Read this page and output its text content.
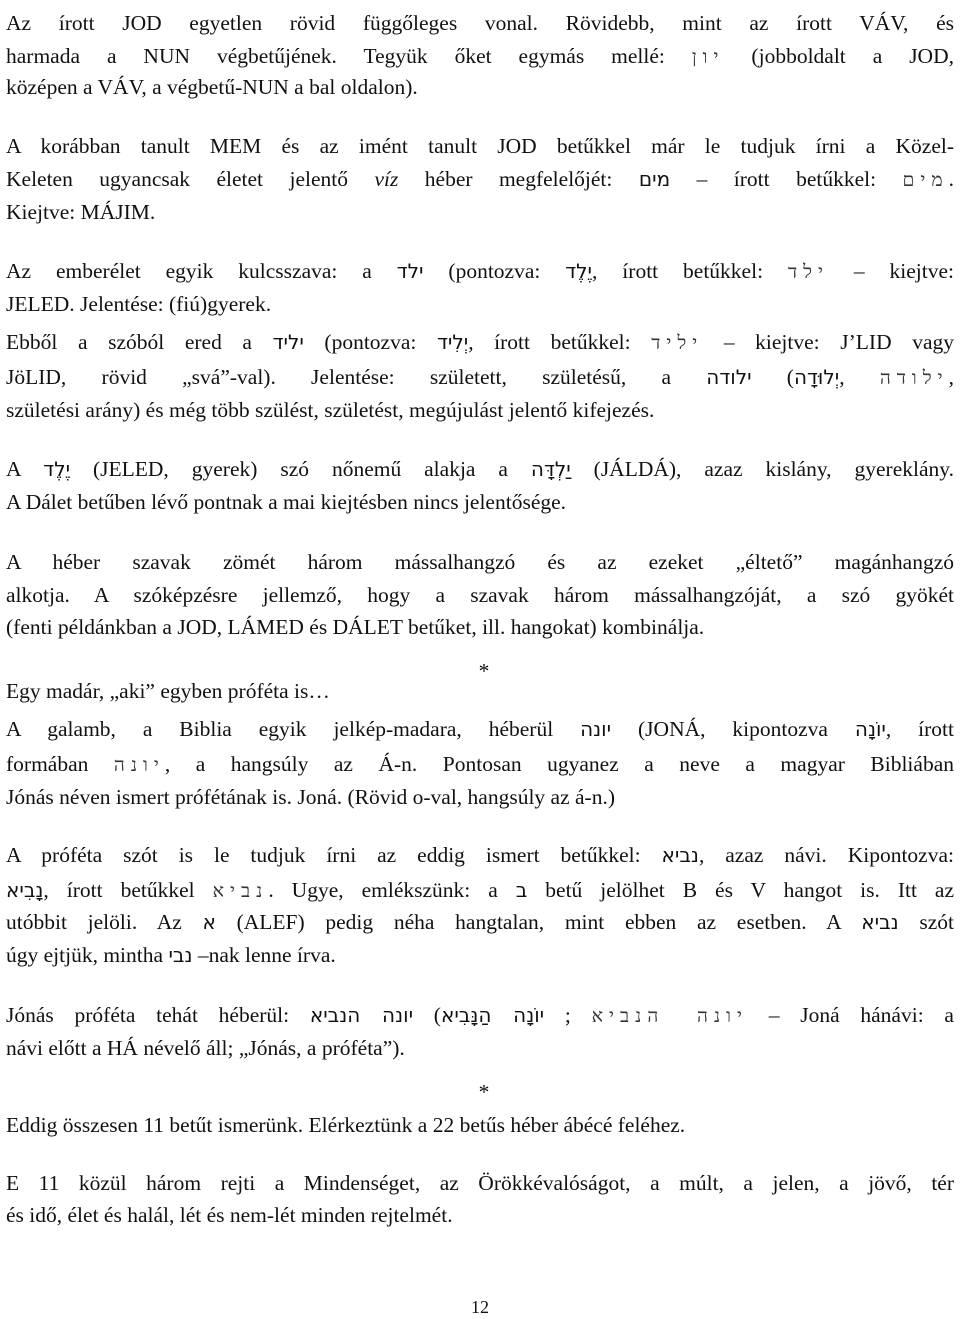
*
*
12
Az írott JOD egyetlen rövid függőleges vonal. Rövidebb, mint az írott VÁV, és
harmada a NUN végbetűjének. Tegyük őket egymás mellé: יון (jobboldalt a JOD,
középen a VÁV, a végbetű-NUN a bal oldalon).
A korábban tanult MEM és az imént tanult JOD betűkkel már le tudjuk írni a Közel-
Keleten ugyancsak életet jelentő víz héber megfelelőjét: מים – írott betűkkel: מים.
Kiejtve: MÁJIM.
Az emberélet egyik kulcsszava: a ילד (pontozva: יֶלֶד, írott betűkkel: ילד – kiejtve:
JELED. Jelentése: (fiú)gyerek.
Ebből a szóból ered a יליד (pontozva: יְלִיד, írott betűkkel: יליד – kiejtve: J’LID vagy
JöLID, rövid „svá”-val). Jelentése: született, születésű, a ילודה (יְלוּדָה, ילודה,
születési arány) és még több szülést, születést, megújulást jelentő kifejezés.
A יֶלֶד (JELED, gyerek) szó nőnemű alakja a יַלְדָּה (JÁLDÁ), azaz kislány, gyereklány.
A Dálet betűben lévő pontnak a mai kiejtésben nincs jelentősége.
A héber szavak zömét három mássalhangzó és az ezeket „éltető” magánhangzó
alkotja. A szóképzésre jellemző, hogy a szavak három mássalhangzóját, a szó gyökét
(fenti példánkban a JOD, LÁMED és DÁLET betűket, ill. hangokat) kombinálja.
Egy madár, „aki” egyben próféta is…
A galamb, a Biblia egyik jelkép-madara, héberül יונה (JONÁ, kipontozva יוֹנָה, írott
formában יונה, a hangsúly az Á-n. Pontosan ugyanez a neve a magyar Bibliában
Jónás néven ismert prófétának is. Joná. (Rövid o-val, hangsúly az á-n.)
A próféta szót is le tudjuk írni az eddig ismert betűkkel: נביא, azaz návi. Kipontozva:
נָבִיא, írott betűkkel נביא. Ugye, emlékszünk: a ב betű jelölhet B és V hangot is. Itt az
utóbbit jelöli. Az א (ALEF) pedig néha hangtalan, mint ebben az esetben. A נביא szót
úgy ejtjük, mintha נבי –nak lenne írva.
Jónás próféta tehát héberül: יונה הנביא (יוֹנָה הַנָּבִיא ; יונה הנביא – Joná hánávi: a
návi előtt a HÁ névelő áll; „Jónás, a próféta”).
Eddig összesen 11 betűt ismerünk. Elérkeztünk a 22 betűs héber ábécé feléhez.
E 11 közül három rejti a Mindenséget, az Örökkévalóságot, a múlt, a jelen, a jövő, tér
és idő, élet és halál, lét és nem-lét minden rejtelmét.
